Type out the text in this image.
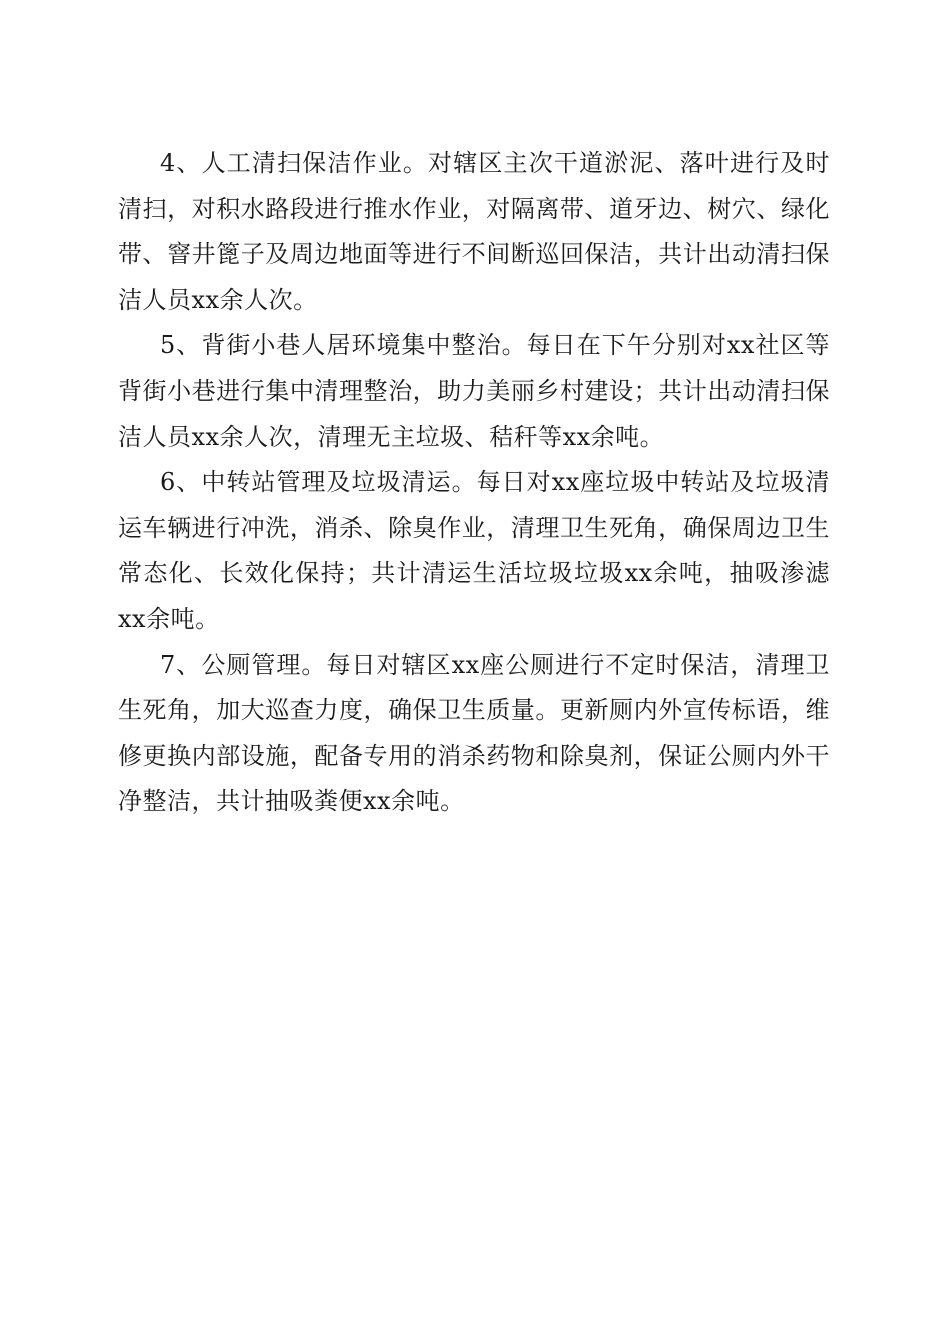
4、人工清扫保洁作业。对辖区主次干道淤泥、落叶进行及时清扫，对积水路段进行推水作业，对隔离带、道牙边、树穴、绿化带、窨井篦子及周边地面等进行不间断巡回保洁，共计出动清扫保洁人员xx余人次。

5、背街小巷人居环境集中整治。每日在下午分别对xx社区等背街小巷进行集中清理整治，助力美丽乡村建设；共计出动清扫保洁人员xx余人次，清理无主垃圾、秸秆等xx余吨。

6、中转站管理及垃圾清运。每日对xx座垃圾中转站及垃圾清运车辆进行冲洗，消杀、除臭作业，清理卫生死角，确保周边卫生常态化、长效化保持；共计清运生活垃圾垃圾xx余吨，抽吸渗滤xx余吨。

7、公厕管理。每日对辖区xx座公厕进行不定时保洁，清理卫生死角，加大巡查力度，确保卫生质量。更新厕内外宣传标语，维修更换内部设施，配备专用的消杀药物和除臭剂，保证公厕内外干净整洁，共计抽吸粪便xx余吨。
